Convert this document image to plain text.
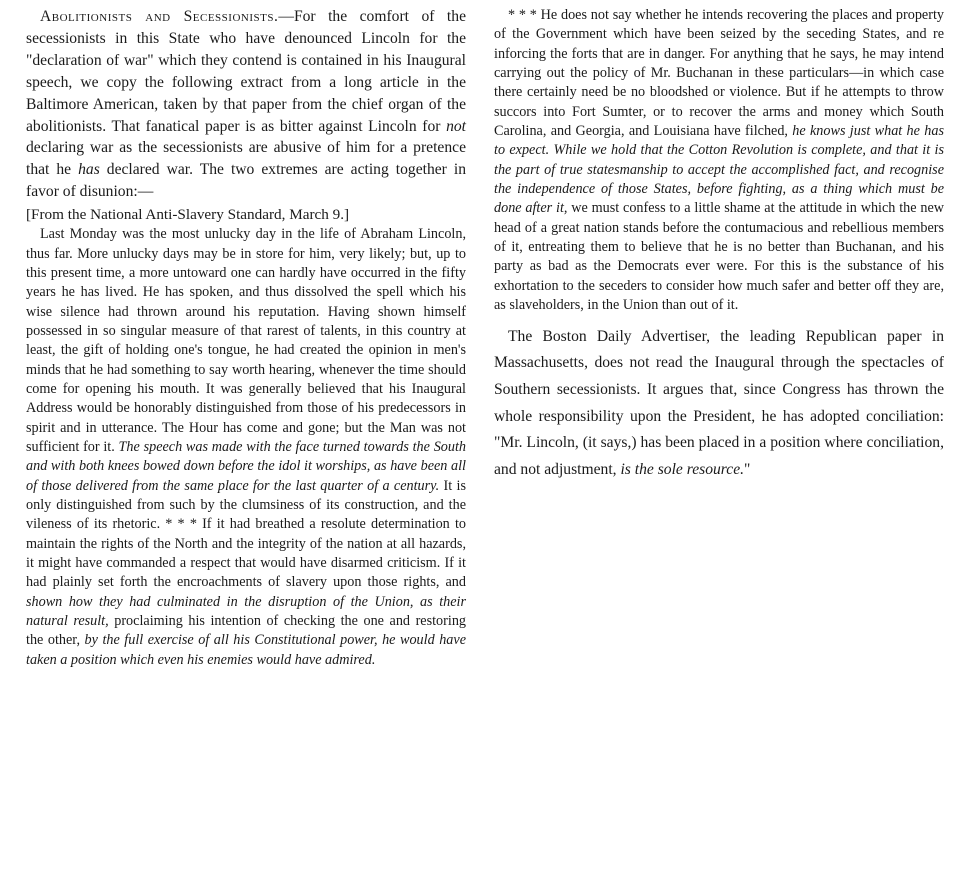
Abolitionists and Secessionists.—For the comfort of the secessionists in this State who have denounced Lincoln for the "declaration of war" which they contend is contained in his Inaugural speech, we copy the following extract from a long article in the Baltimore American, taken by that paper from the chief organ of the abolitionists. That fanatical paper is as bitter against Lincoln for not declaring war as the secessionists are abusive of him for a pretence that he has declared war. The two extremes are acting together in favor of disunion:—

[From the National Anti-Slavery Standard, March 9.]

Last Monday was the most unlucky day in the life of Abraham Lincoln, thus far. More unlucky days may be in store for him, very likely; but, up to this present time, a more untoward one can hardly have occurred in the fifty years he has lived. He has spoken, and thus dissolved the spell which his wise silence had thrown around his reputation. Having shown himself possessed in so singular measure of that rarest of talents, in this country at least, the gift of holding one's tongue, he had created the opinion in men's minds that he had something to say worth hearing, whenever the time should come for opening his mouth. It was generally believed that his Inaugural Address would be honorably distinguished from those of his predecessors in spirit and in utterance. The Hour has come and gone; but the Man was not sufficient for it. The speech was made with the face turned towards the South and with both knees bowed down before the idol it worships, as have been all of those delivered from the same place for the last quarter of a century. It is only distinguished from such by the clumsiness of its construction, and the vileness of its rhetoric. * * * If it had breathed a resolute determination to maintain the rights of the North and the integrity of the nation at all hazards, it might have commanded a respect that would have disarmed criticism. If it had plainly set forth the encroachments of slavery upon those rights, and shown how they had culminated in the disruption of the Union, as their natural result, proclaiming his intention of checking the one and restoring the other, by the full exercise of all his Constitutional power, he would have taken a position which even his enemies would have admired.

* * * He does not say whether he intends recovering the places and property of the Government which have been seized by the seceding States, and re inforcing the forts that are in danger. For anything that he says, he may intend carrying out the policy of Mr. Buchanan in these particulars—in which case there certainly need be no bloodshed or violence. But if he attempts to throw succors into Fort Sumter, or to recover the arms and money which South Carolina, and Georgia, and Louisiana have filched, he knows just what he has to expect. While we hold that the Cotton Revolution is complete, and that it is the part of true statesmanship to accept the accomplished fact, and recognise the independence of those States, before fighting, as a thing which must be done after it, we must confess to a little shame at the attitude in which the new head of a great nation stands before the contumacious and rebellious members of it, entreating them to believe that he is no better than Buchanan, and his party as bad as the Democrats ever were. For this is the substance of his exhortation to the seceders to consider how much safer and better off they are, as slaveholders, in the Union than out of it.

The Boston Daily Advertiser, the leading Republican paper in Massachusetts, does not read the Inaugural through the spectacles of Southern secessionists. It argues that, since Congress has thrown the whole responsibility upon the President, he has adopted conciliation: "Mr. Lincoln, (it says,) has been placed in a position where conciliation, and not adjustment, is the sole resource."
